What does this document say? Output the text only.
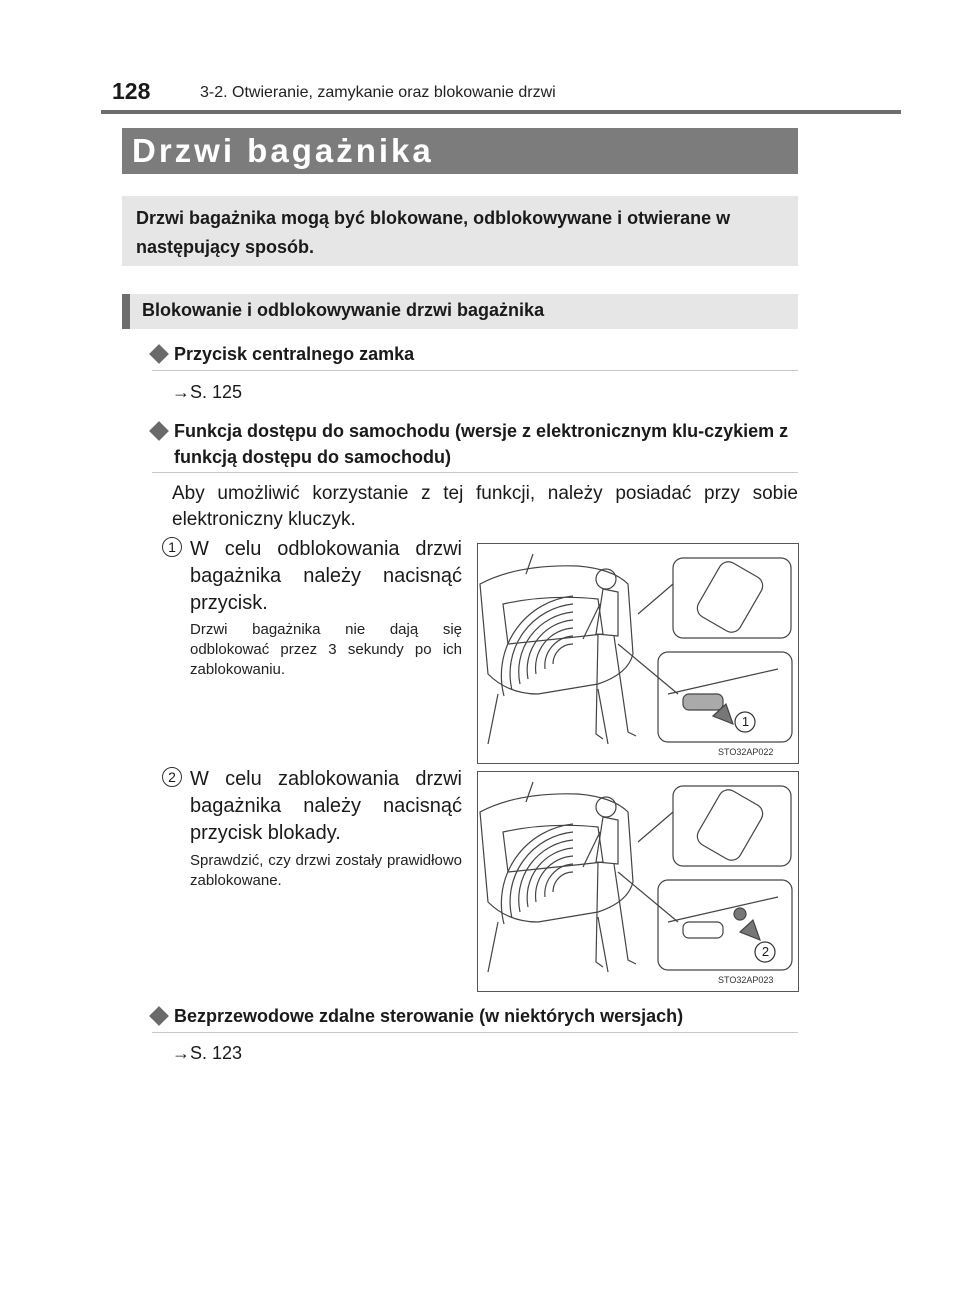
128	3-2. Otwieranie, zamykanie oraz blokowanie drzwi
Drzwi bagażnika
Drzwi bagażnika mogą być blokowane, odblokowywane i otwierane w następujący sposób.
Blokowanie i odblokowywanie drzwi bagażnika
Przycisk centralnego zamka
→S. 125
Funkcja dostępu do samochodu (wersje z elektronicznym klu-czykiem z funkcją dostępu do samochodu)
Aby umożliwić korzystanie z tej funkcji, należy posiadać przy sobie elektroniczny kluczyk.
1 W celu odblokowania drzwi bagażnika należy nacisnąć przycisk.
Drzwi bagażnika nie dają się odblokować przez 3 sekundy po ich zablokowaniu.
1
STO32AP022
2 W celu zablokowania drzwi bagażnika należy nacisnąć przycisk blokady.
Sprawdzić, czy drzwi zostały prawidłowo zablokowane.
2
STO32AP023
Bezprzewodowe zdalne sterowanie (w niektórych wersjach)
→S. 123
